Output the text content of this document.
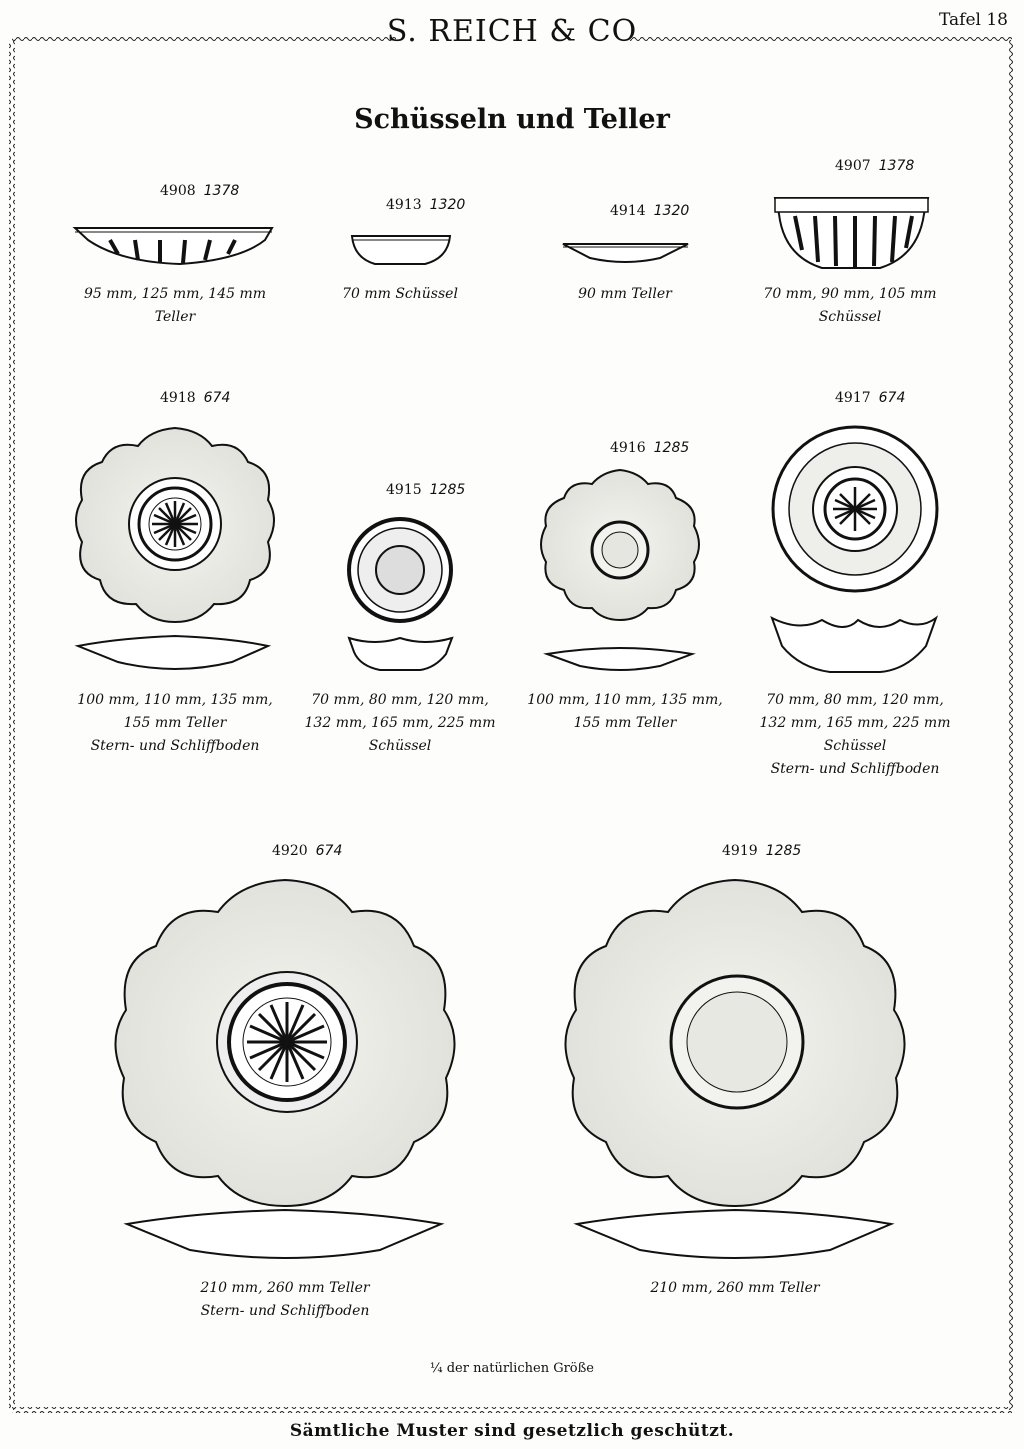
S. REICH & CO	Tafel 18
Schüsseln und Teller
4908 1378
4913 1320	4914 1320
4907 1378
4918 674
4915 1285
4916 1285
4917 674
4920 674	4919 1285
95 mm, 125 mm, 145 mm
Teller
70 mm Schüssel	90 mm Teller	70 mm, 90 mm, 105 mm
Schüssel
100 mm, 110 mm, 135 mm,
155 mm Teller
Stern- und Schliffboden
70 mm, 80 mm, 120 mm,
132 mm, 165 mm, 225 mm
Schüssel
100 mm, 110 mm, 135 mm,
155 mm Teller
70 mm, 80 mm, 120 mm,
132 mm, 165 mm, 225 mm
Schüssel
Stern- und Schliffboden
210 mm, 260 mm Teller
Stern- und Schliffboden
210 mm, 260 mm Teller
¼ der natürlichen Größe
Sämtliche Muster sind gesetzlich geschützt.
